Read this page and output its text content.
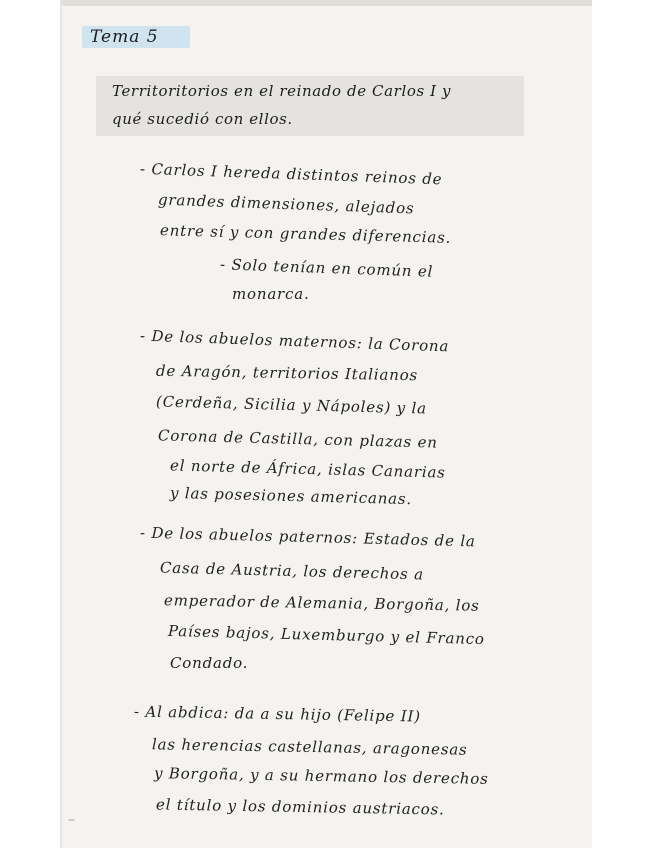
Tema 5
Territoritorios en el reinado de Carlos I y
qué sucedió con ellos.
- Carlos I hereda distintos reinos de
grandes dimensiones, alejados
entre sí y con grandes diferencias.
- Solo tenían en común el
monarca.
- De los abuelos maternos: la Corona
de Aragón, territorios Italianos
(Cerdeña, Sicilia y Nápoles) y la
Corona de Castilla, con plazas en
el norte de África, islas Canarias
y las posesiones americanas.
- De los abuelos paternos: Estados de la
Casa de Austria, los derechos a
emperador de Alemania, Borgoña, los
Países bajos, Luxemburgo y el Franco
Condado.
- Al abdica: da a su hijo (Felipe II)
las herencias castellanas, aragonesas
y Borgoña, y a su hermano los derechos
el título y los dominios austriacos.
–
